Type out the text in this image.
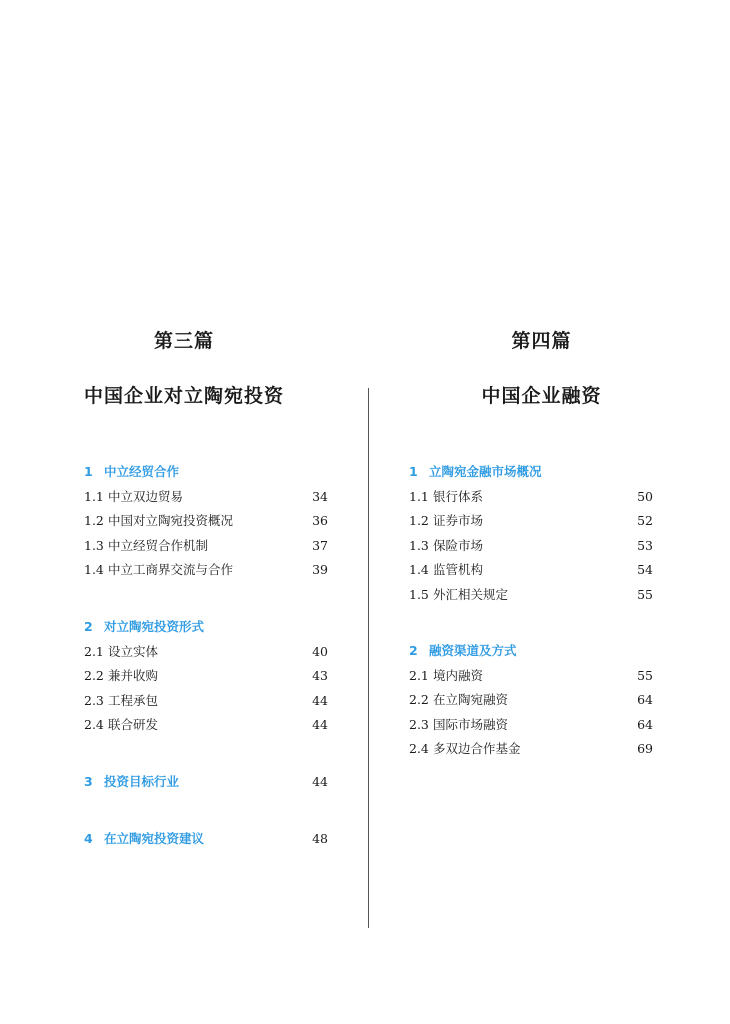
第三篇
中国企业对立陶宛投资
1 中立经贸合作
1.1 中立双边贸易	34
1.2 中国对立陶宛投资概况	36
1.3 中立经贸合作机制	37
1.4 中立工商界交流与合作	39
2 对立陶宛投资形式
2.1 设立实体	40
2.2 兼并收购	43
2.3 工程承包	44
2.4 联合研发	44
3 投资目标行业	44
4 在立陶宛投资建议	48
第四篇
中国企业融资
1 立陶宛金融市场概况
1.1 银行体系	50
1.2 证券市场	52
1.3 保险市场	53
1.4 监管机构	54
1.5 外汇相关规定	55
2 融资渠道及方式
2.1 境内融资	55
2.2 在立陶宛融资	64
2.3 国际市场融资	64
2.4 多双边合作基金	69
